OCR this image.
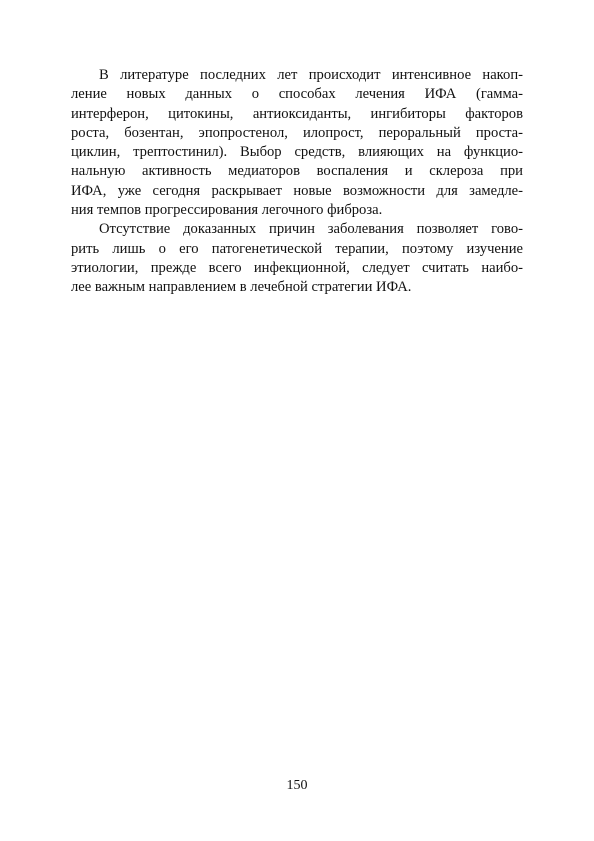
В литературе последних лет происходит интенсивное накоп-
ление новых данных о способах лечения ИФА (гамма-
интерферон, цитокины, антиоксиданты, ингибиторы факторов
роста, бозентан, эпопростенол, илопрост, пероральный проста-
циклин, трептостинил). Выбор средств, влияющих на функцио-
нальную активность медиаторов воспаления и склероза при
ИФА, уже сегодня раскрывает новые возможности для замедле-
ния темпов прогрессирования легочного фиброза.
Отсутствие доказанных причин заболевания позволяет гово-
рить лишь о его патогенетической терапии, поэтому изучение
этиологии, прежде всего инфекционной, следует считать наибо-
лее важным направлением в лечебной стратегии ИФА.
150
